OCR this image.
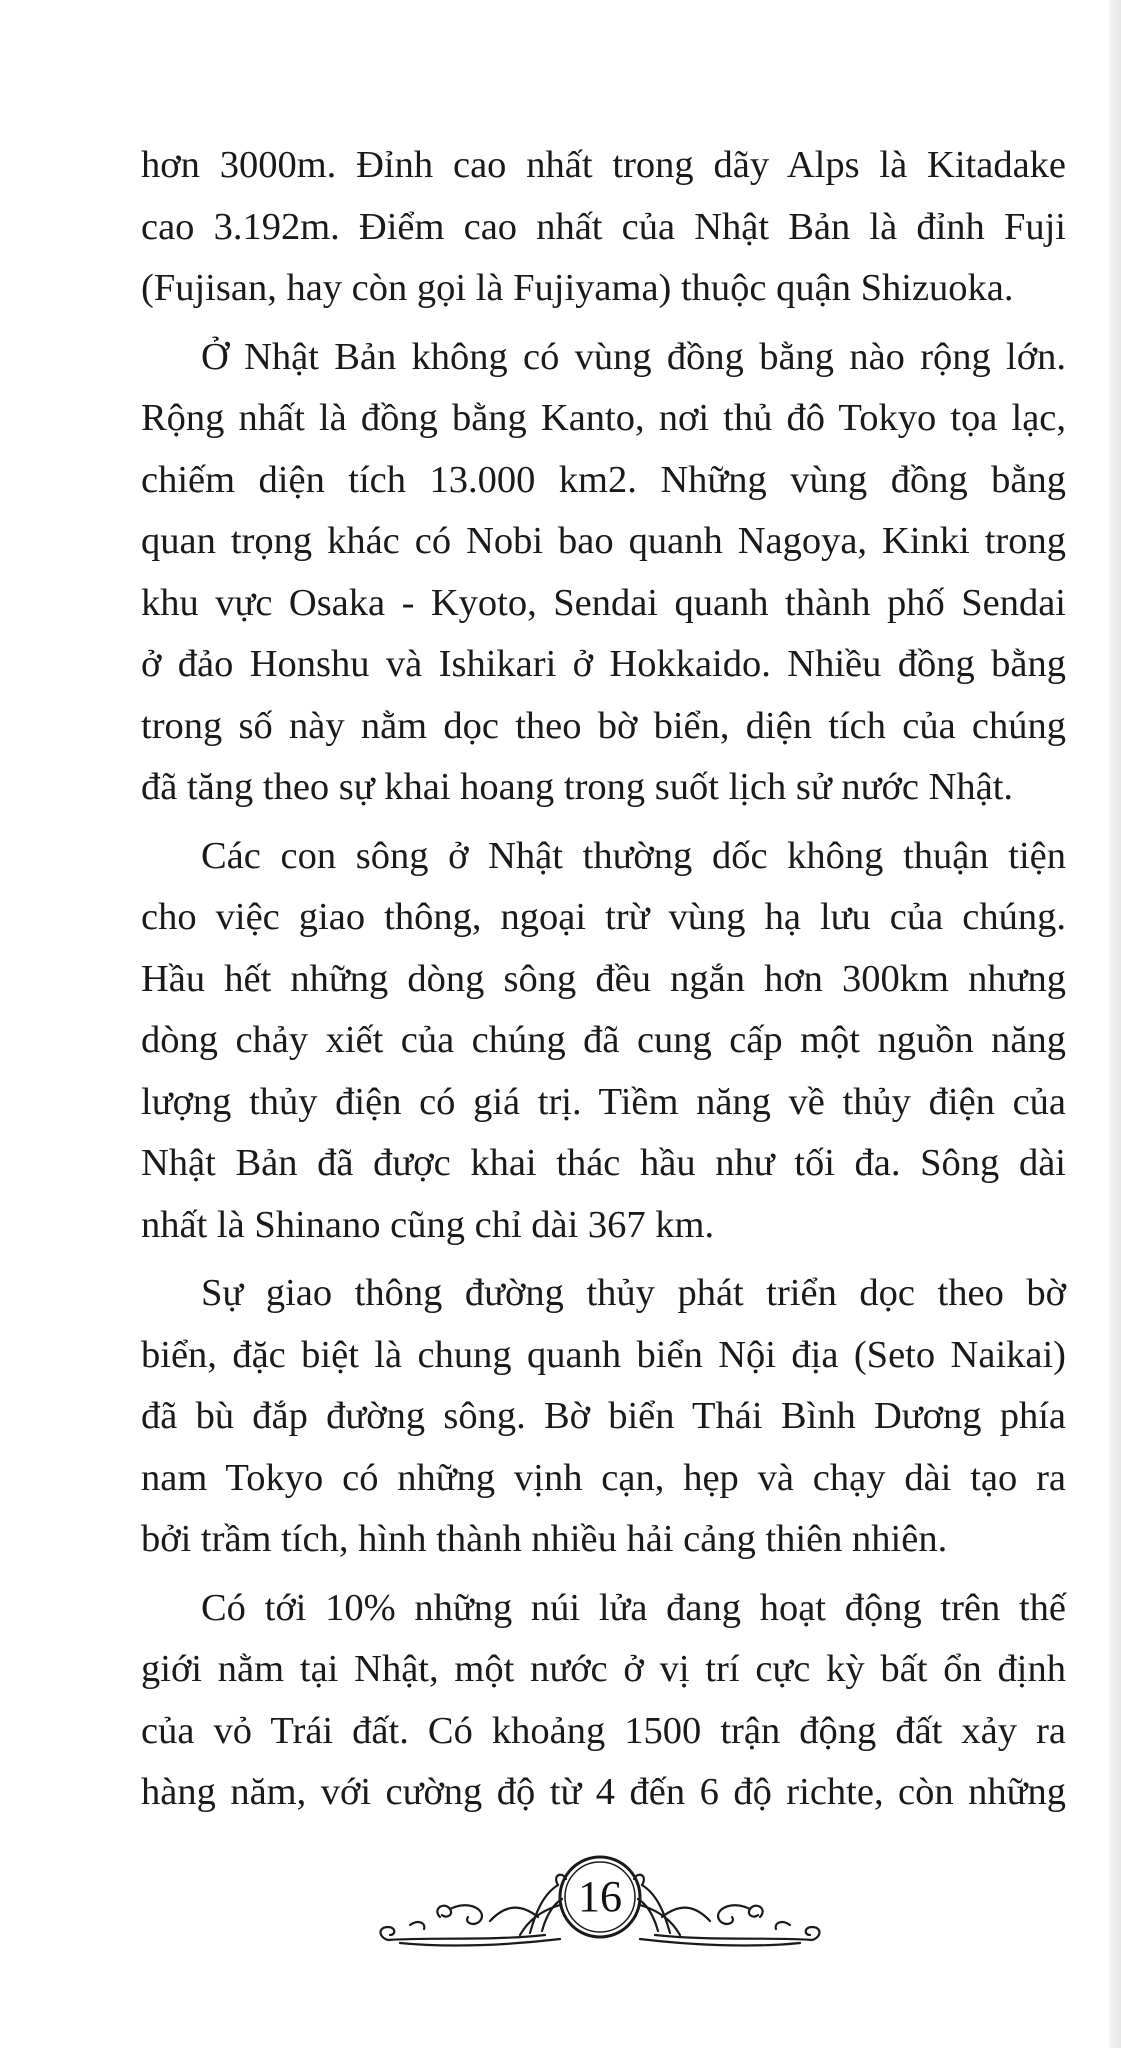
hơn 3000m. Đỉnh cao nhất trong dãy Alps là Kitadake
cao 3.192m. Điểm cao nhất của Nhật Bản là đỉnh Fuji
(Fujisan, hay còn gọi là Fujiyama) thuộc quận Shizuoka.
Ở Nhật Bản không có vùng đồng bằng nào rộng lớn.
Rộng nhất là đồng bằng Kanto, nơi thủ đô Tokyo tọa lạc,
chiếm diện tích 13.000 km2. Những vùng đồng bằng
quan trọng khác có Nobi bao quanh Nagoya, Kinki trong
khu vực Osaka - Kyoto, Sendai quanh thành phố Sendai
ở đảo Honshu và Ishikari ở Hokkaido. Nhiều đồng bằng
trong số này nằm dọc theo bờ biển, diện tích của chúng
đã tăng theo sự khai hoang trong suốt lịch sử nước Nhật.
Các con sông ở Nhật thường dốc không thuận tiện
cho việc giao thông, ngoại trừ vùng hạ lưu của chúng.
Hầu hết những dòng sông đều ngắn hơn 300km nhưng
dòng chảy xiết của chúng đã cung cấp một nguồn năng
lượng thủy điện có giá trị. Tiềm năng về thủy điện của
Nhật Bản đã được khai thác hầu như tối đa. Sông dài
nhất là Shinano cũng chỉ dài 367 km.
Sự giao thông đường thủy phát triển dọc theo bờ
biển, đặc biệt là chung quanh biển Nội địa (Seto Naikai)
đã bù đắp đường sông. Bờ biển Thái Bình Dương phía
nam Tokyo có những vịnh cạn, hẹp và chạy dài tạo ra
bởi trầm tích, hình thành nhiều hải cảng thiên nhiên.
Có tới 10% những núi lửa đang hoạt động trên thế
giới nằm tại Nhật, một nước ở vị trí cực kỳ bất ổn định
của vỏ Trái đất. Có khoảng 1500 trận động đất xảy ra
hàng năm, với cường độ từ 4 đến 6 độ richte, còn những
16
